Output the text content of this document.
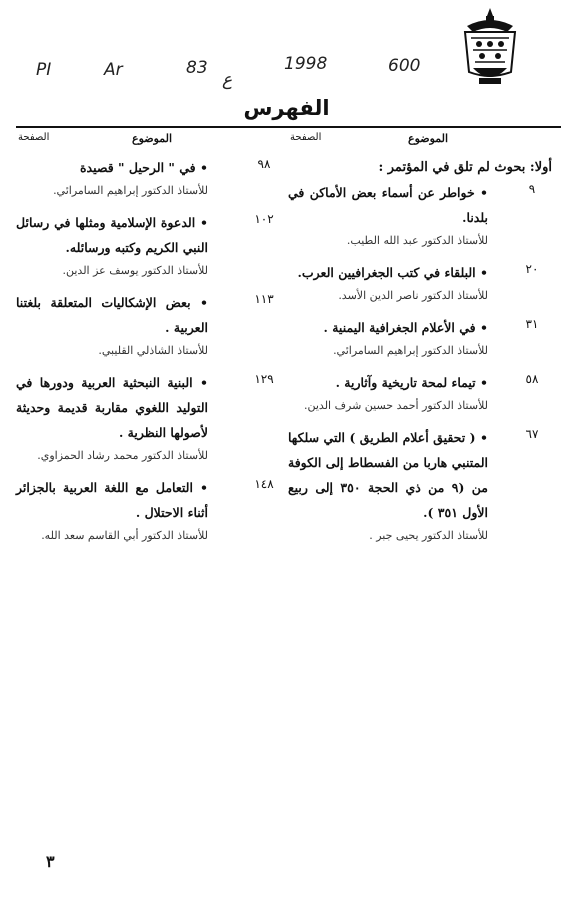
PI	Ar	83
ع
1998	600
الفهرس
الموضوع
الصفحة
الموضوع
الصفحة

أولا: بحوث لم تلق في المؤتمر :

٩
• خواطر عن أسماء بعض الأماكن في بلدنا.
للأستاذ الدكتور عبد الله الطيب.
٢٠
• البلقاء في كتب الجغرافيين العرب.
للأستاذ الدكتور ناصر الدين الأسد.
٣١
• في الأعلام الجغرافية اليمنية .
للأستاذ الدكتور إبراهيم السامرائي.
٥٨
• تيماء لمحة تاريخية وآثارية .
للأستاذ الدكتور أحمد حسين شرف الدين.
٦٧
• ( تحقيق أعلام الطريق ) التي سلكها المتنبي هاربا من الفسطاط إلى الكوفة من (٩ من ذي الحجة ٣٥٠ إلى ربيع الأول ٣٥١ ).
للأستاذ الدكتور يحيى جبر .
٩٨
• في " الرحيل " قصيدة
للأستاذ الدكتور إبراهيم السامرائي.
١٠٢
• الدعوة الإسلامية ومثلها في رسائل النبي الكريم وكتبه ورسائله.
للأستاذ الدكتور يوسف عز الدين.
١١٣
• بعض الإشكاليات المتعلقة بلغتنا العربية .
للأستاذ الشاذلي القليبي.
١٢٩
• البنية النبحثية العربية ودورها في التوليد اللغوي مقاربة قديمة وحديثة لأصولها النظرية .
للأستاذ الدكتور محمد رشاد الحمزاوي.
١٤٨
• التعامل مع اللغة العربية بالجزائر أثناء الاحتلال .
للأستاذ الدكتور أبي القاسم سعد الله.
٣
